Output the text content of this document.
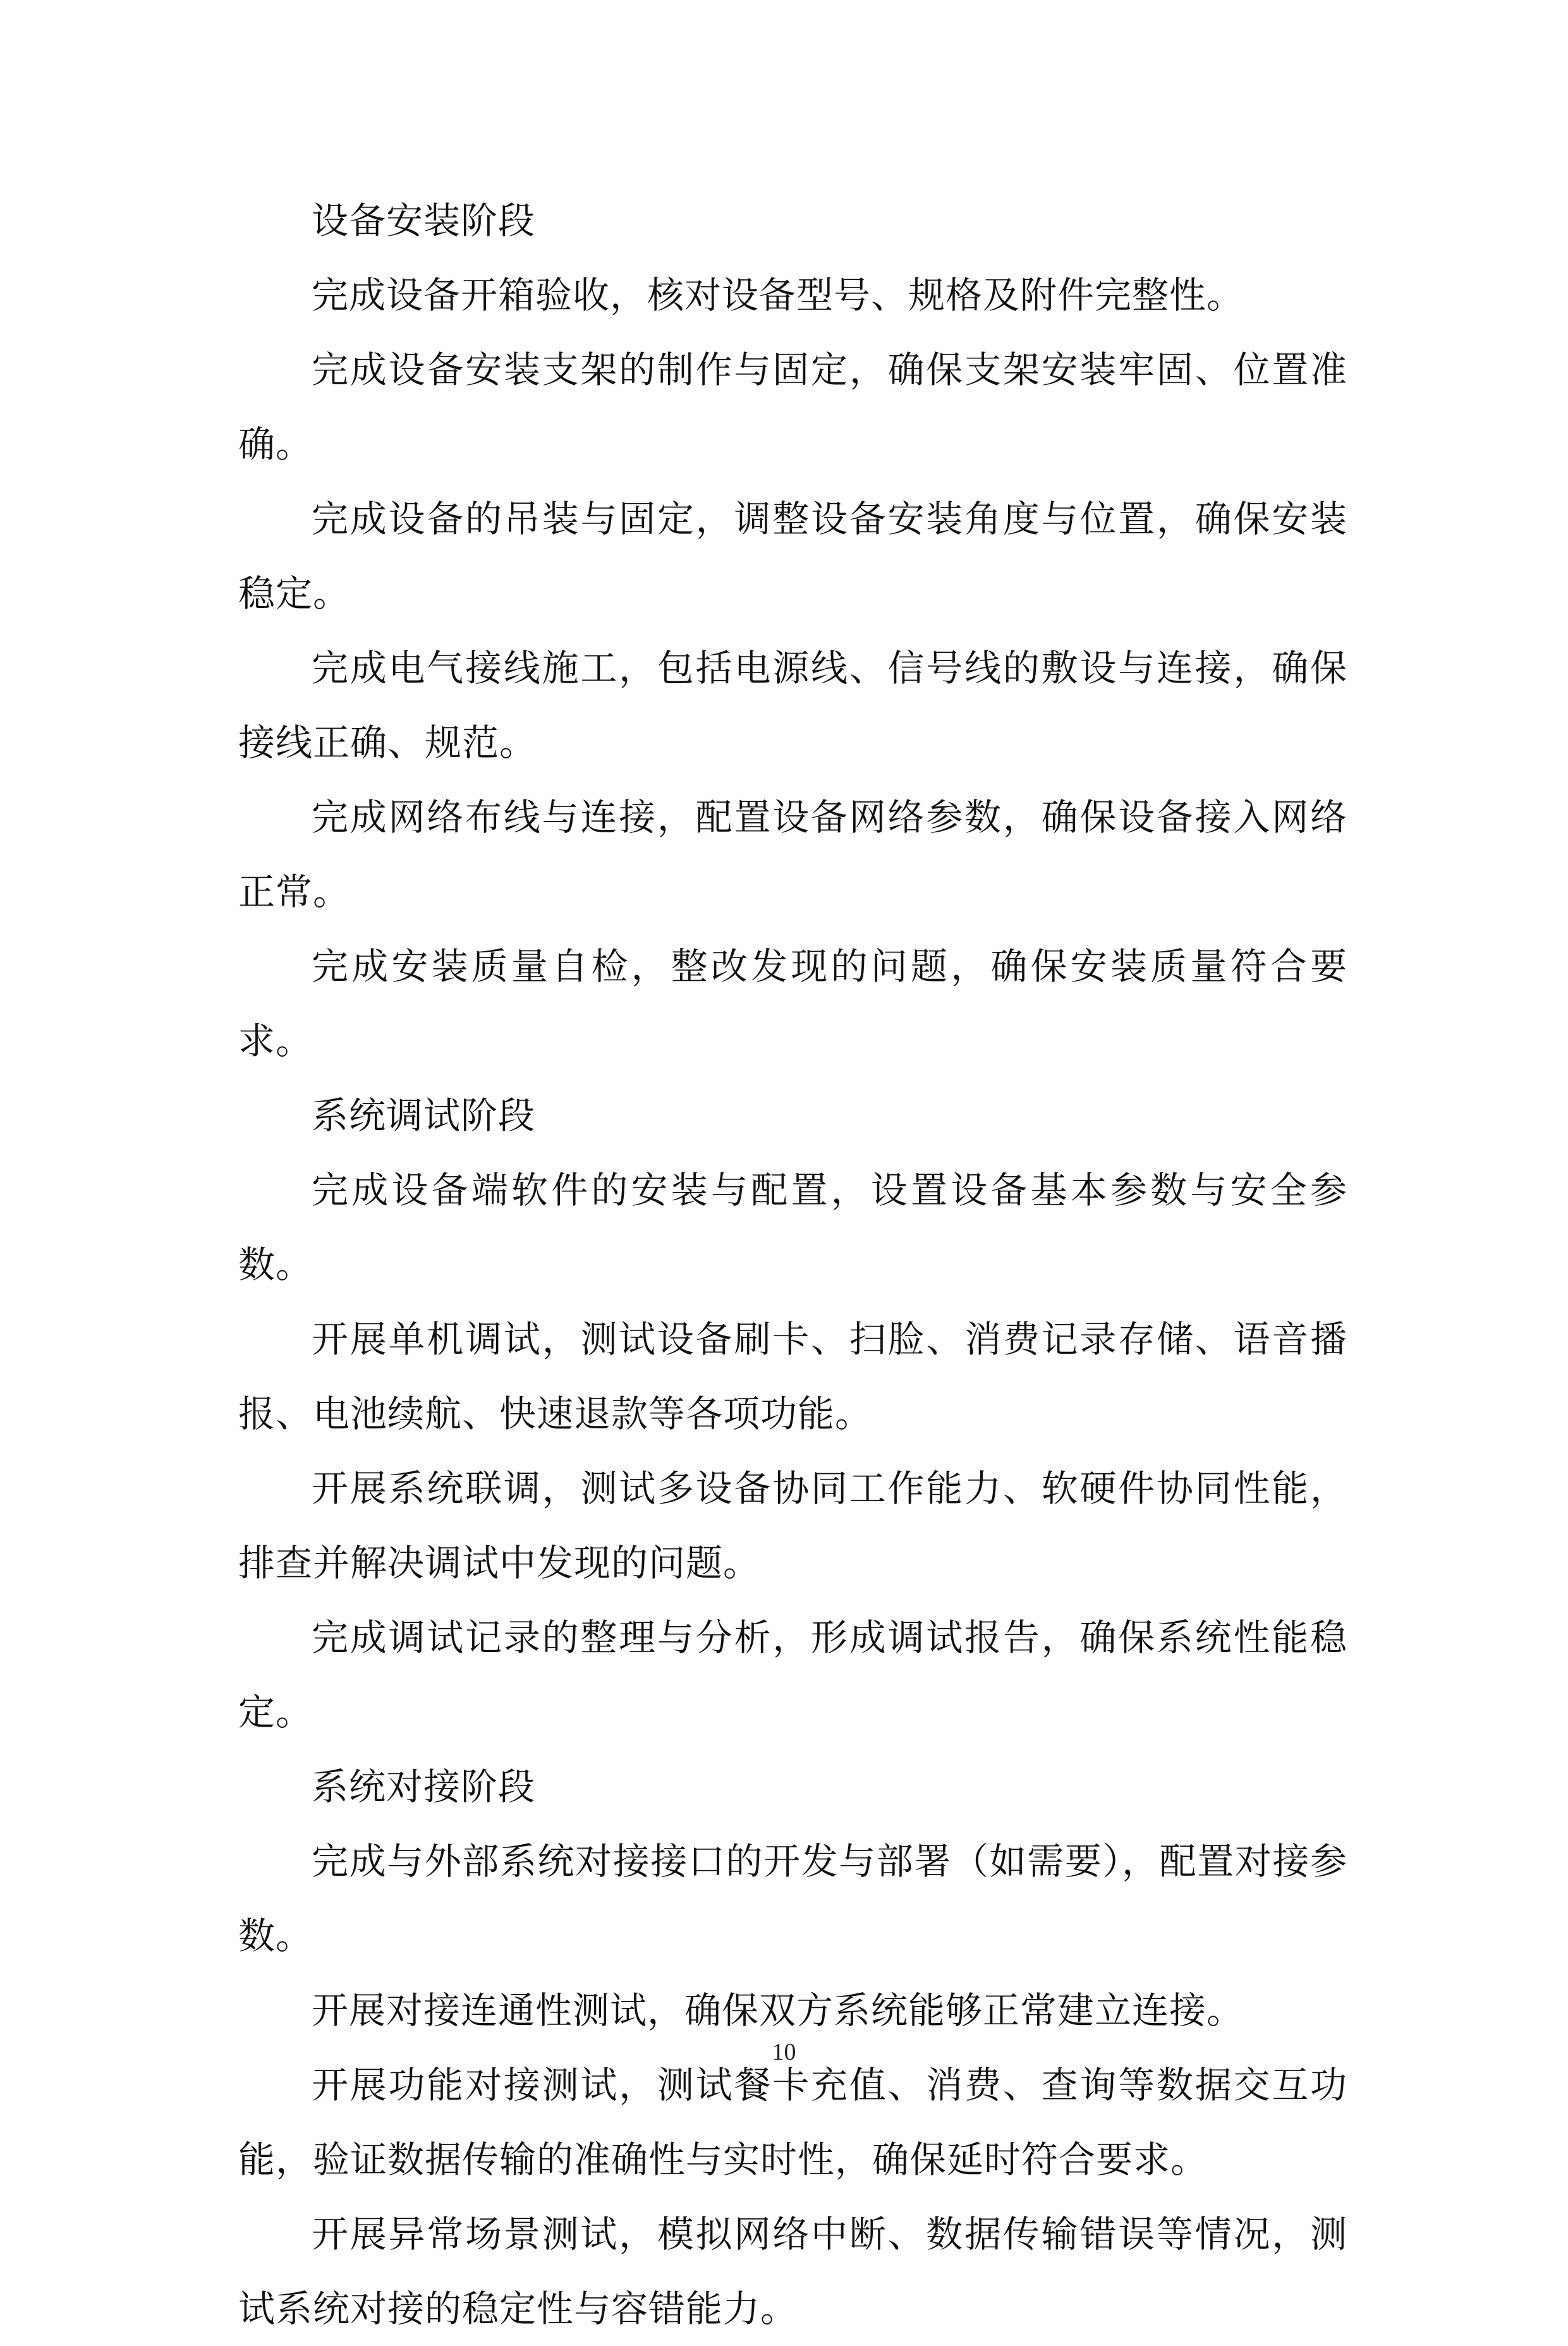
设备安装阶段

完成设备开箱验收，核对设备型号、规格及附件完整性。

完成设备安装支架的制作与固定，确保支架安装牢固、位置准确。

完成设备的吊装与固定，调整设备安装角度与位置，确保安装稳定。

完成电气接线施工，包括电源线、信号线的敷设与连接，确保接线正确、规范。

完成网络布线与连接，配置设备网络参数，确保设备接入网络正常。

完成安装质量自检，整改发现的问题，确保安装质量符合要求。

系统调试阶段

完成设备端软件的安装与配置，设置设备基本参数与安全参数。

开展单机调试，测试设备刷卡、扫脸、消费记录存储、语音播报、电池续航、快速退款等各项功能。

开展系统联调，测试多设备协同工作能力、软硬件协同性能，排查并解决调试中发现的问题。

完成调试记录的整理与分析，形成调试报告，确保系统性能稳定。

系统对接阶段

完成与外部系统对接接口的开发与部署（如需要），配置对接参数。

开展对接连通性测试，确保双方系统能够正常建立连接。

开展功能对接测试，测试餐卡充值、消费、查询等数据交互功能，验证数据传输的准确性与实时性，确保延时符合要求。

开展异常场景测试，模拟网络中断、数据传输错误等情况，测试系统对接的稳定性与容错能力。

10
